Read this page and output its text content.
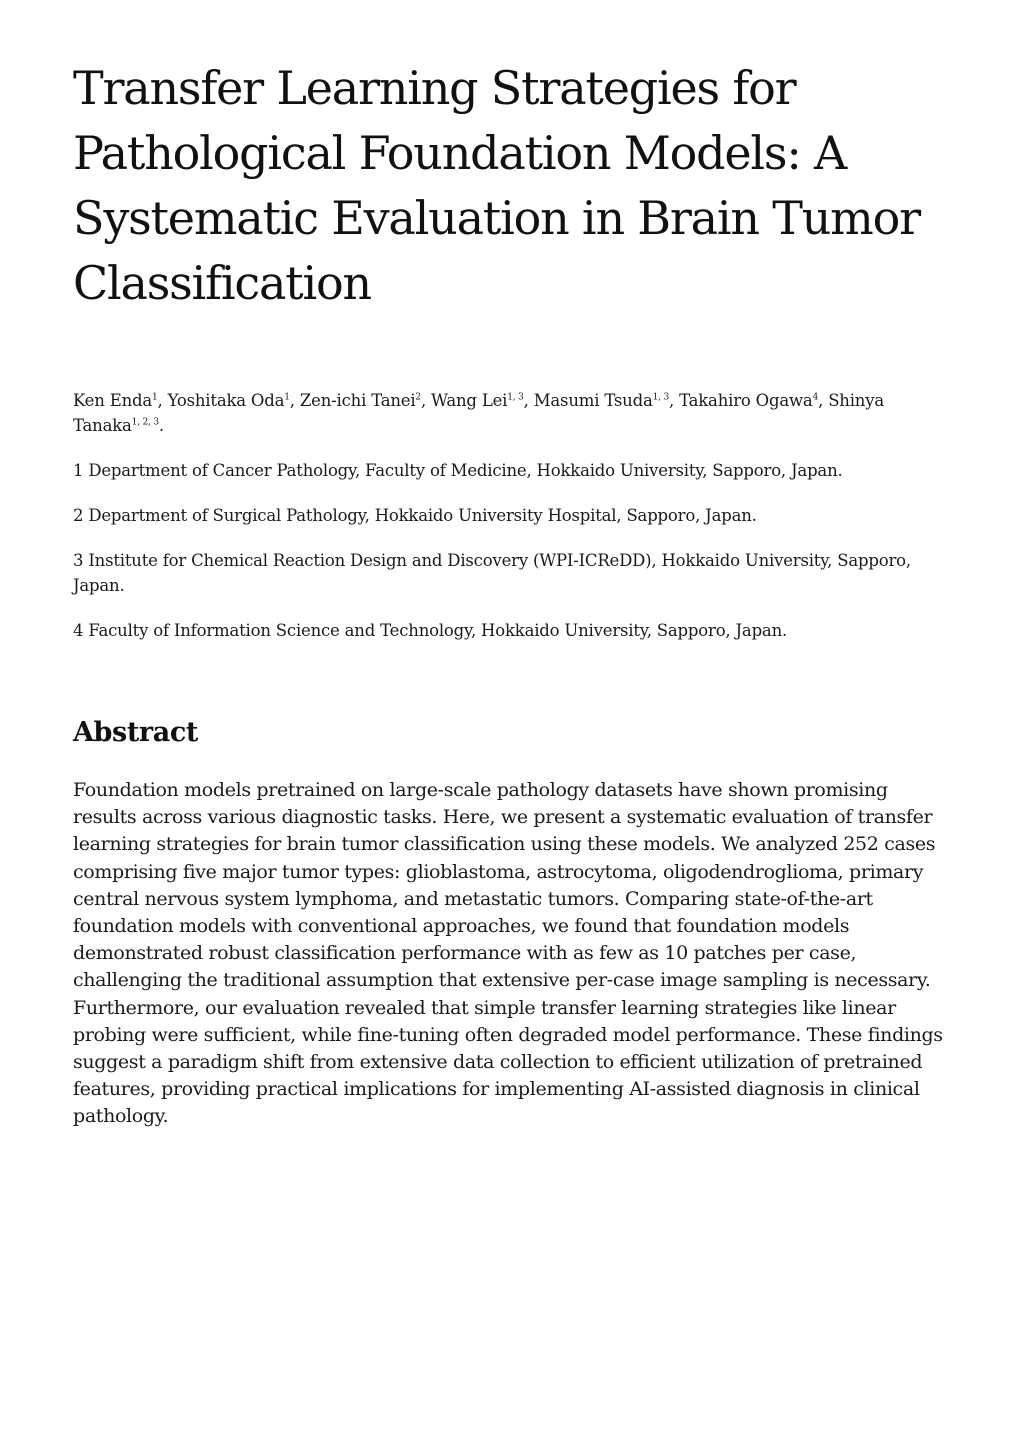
Transfer Learning Strategies for Pathological Foundation Models: A Systematic Evaluation in Brain Tumor Classification

Ken Enda$^1$, Yoshitaka Oda$^1$, Zen-ichi Tanei$^2$, Wang Lei$^{1, 3}$, Masumi Tsuda$^{1, 3}$, Takahiro Ogawa$^4$, Shinya Tanaka$^{1, 2, 3}$.

1 Department of Cancer Pathology, Faculty of Medicine, Hokkaido University, Sapporo, Japan.

2 Department of Surgical Pathology, Hokkaido University Hospital, Sapporo, Japan.

3 Institute for Chemical Reaction Design and Discovery (WPI-ICReDD), Hokkaido University, Sapporo, Japan.

4 Faculty of Information Science and Technology, Hokkaido University, Sapporo, Japan.

Abstract

Foundation models pretrained on large-scale pathology datasets have shown promising results across various diagnostic tasks. Here, we present a systematic evaluation of transfer learning strategies for brain tumor classification using these models. We analyzed 252 cases comprising five major tumor types: glioblastoma, astrocytoma, oligodendroglioma, primary central nervous system lymphoma, and metastatic tumors. Comparing state-of-the-art foundation models with conventional approaches, we found that foundation models demonstrated robust classification performance with as few as 10 patches per case, challenging the traditional assumption that extensive per-case image sampling is necessary. Furthermore, our evaluation revealed that simple transfer learning strategies like linear probing were sufficient, while fine-tuning often degraded model performance. These findings suggest a paradigm shift from extensive data collection to efficient utilization of pretrained features, providing practical implications for implementing AI-assisted diagnosis in clinical pathology.
